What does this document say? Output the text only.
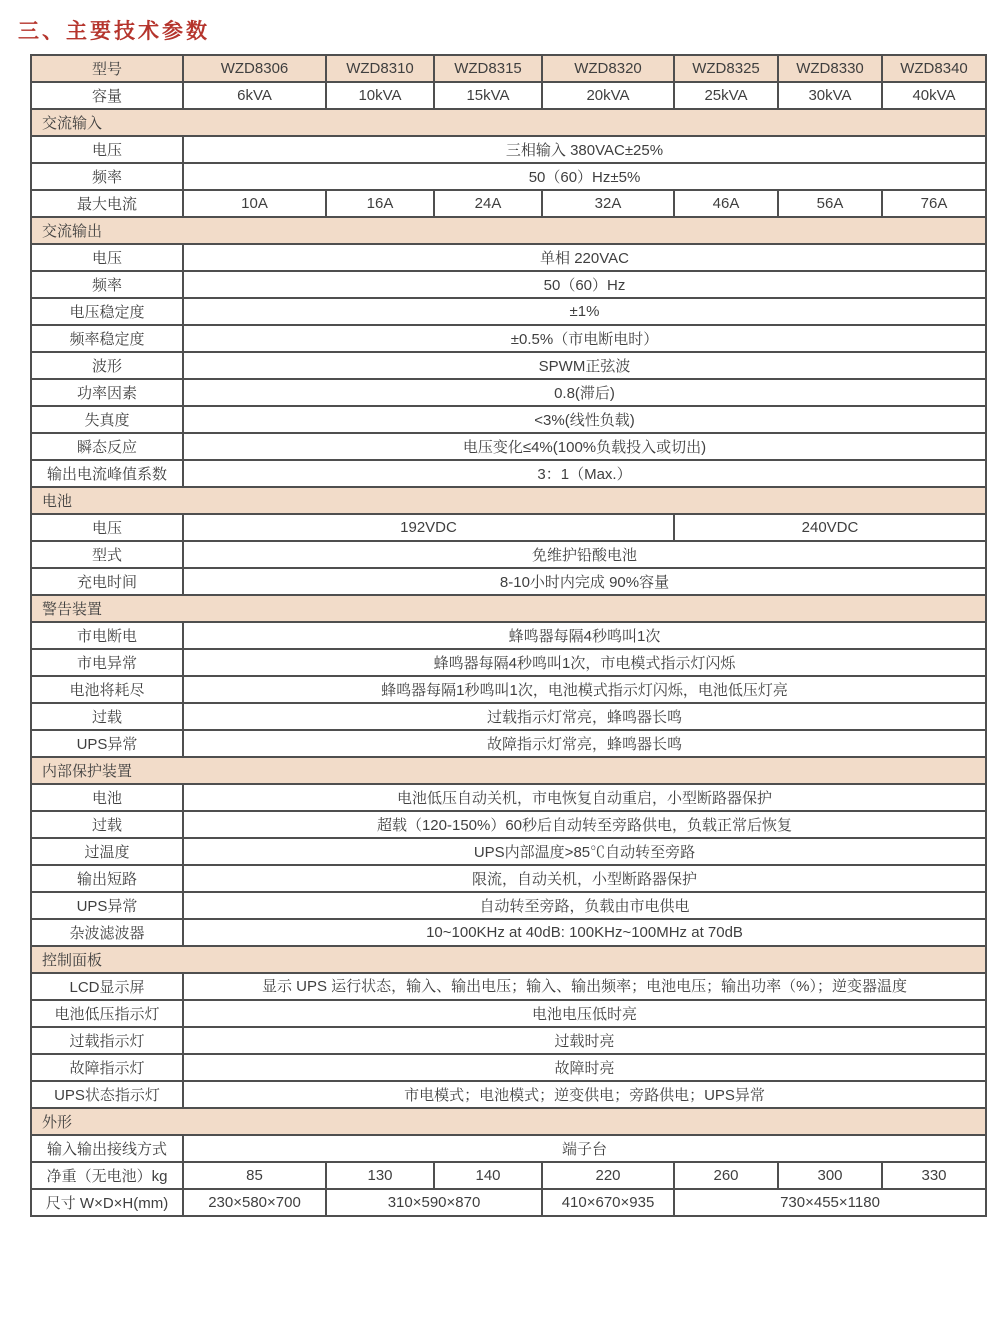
三、主要技术参数
型号	WZD8306	WZD8310	WZD8315	WZD8320	WZD8325	WZD8330	WZD8340
容量	6kVA	10kVA	15kVA	20kVA	25kVA	30kVA	40kVA
交流输入							
电压	三相输入 380VAC±25%						
频率	50（60）Hz±5%						
最大电流	10A	16A	24A	32A	46A	56A	76A
交流输出							
电压	单相 220VAC						
频率	50（60）Hz						
电压稳定度	±1%						
频率稳定度	±0.5%（市电断电时）						
波形	SPWM正弦波						
功率因素	0.8(滞后)						
失真度	<3%(线性负载)						
瞬态反应	电压变化≤4%(100%负载投入或切出)						
输出电流峰值系数	3：1（Max.）						
电池							
电压	192VDC				240VDC		
型式	免维护铅酸电池						
充电时间	8-10小时内完成 90%容量						
警告装置							
市电断电	蜂鸣器每隔4秒鸣叫1次						
市电异常	蜂鸣器每隔4秒鸣叫1次，市电模式指示灯闪烁						
电池将耗尽	蜂鸣器每隔1秒鸣叫1次，电池模式指示灯闪烁，电池低压灯亮						
过载	过载指示灯常亮，蜂鸣器长鸣						
UPS异常	故障指示灯常亮，蜂鸣器长鸣						
内部保护装置							
电池	电池低压自动关机，市电恢复自动重启，小型断路器保护						
过载	超载（120-150%）60秒后自动转至旁路供电，负载正常后恢复						
过温度	UPS内部温度>85℃自动转至旁路						
输出短路	限流，自动关机，小型断路器保护						
UPS异常	自动转至旁路，负载由市电供电						
杂波滤波器	10~100KHz at 40dB: 100KHz~100MHz at 70dB						
控制面板							
LCD显示屏	显示 UPS 运行状态，输入、输出电压；输入、输出频率；电池电压；输出功率（%）；逆变器温度						
电池低压指示灯	电池电压低时亮						
过载指示灯	过载时亮						
故障指示灯	故障时亮						
UPS状态指示灯	市电模式；电池模式；逆变供电；旁路供电；UPS异常						
外形							
输入输出接线方式	端子台						
净重（无电池）kg	85	130	140	220	260	300	330
尺寸 W×D×H(mm)	230×580×700	310×590×870		410×670×935	730×455×1180		
